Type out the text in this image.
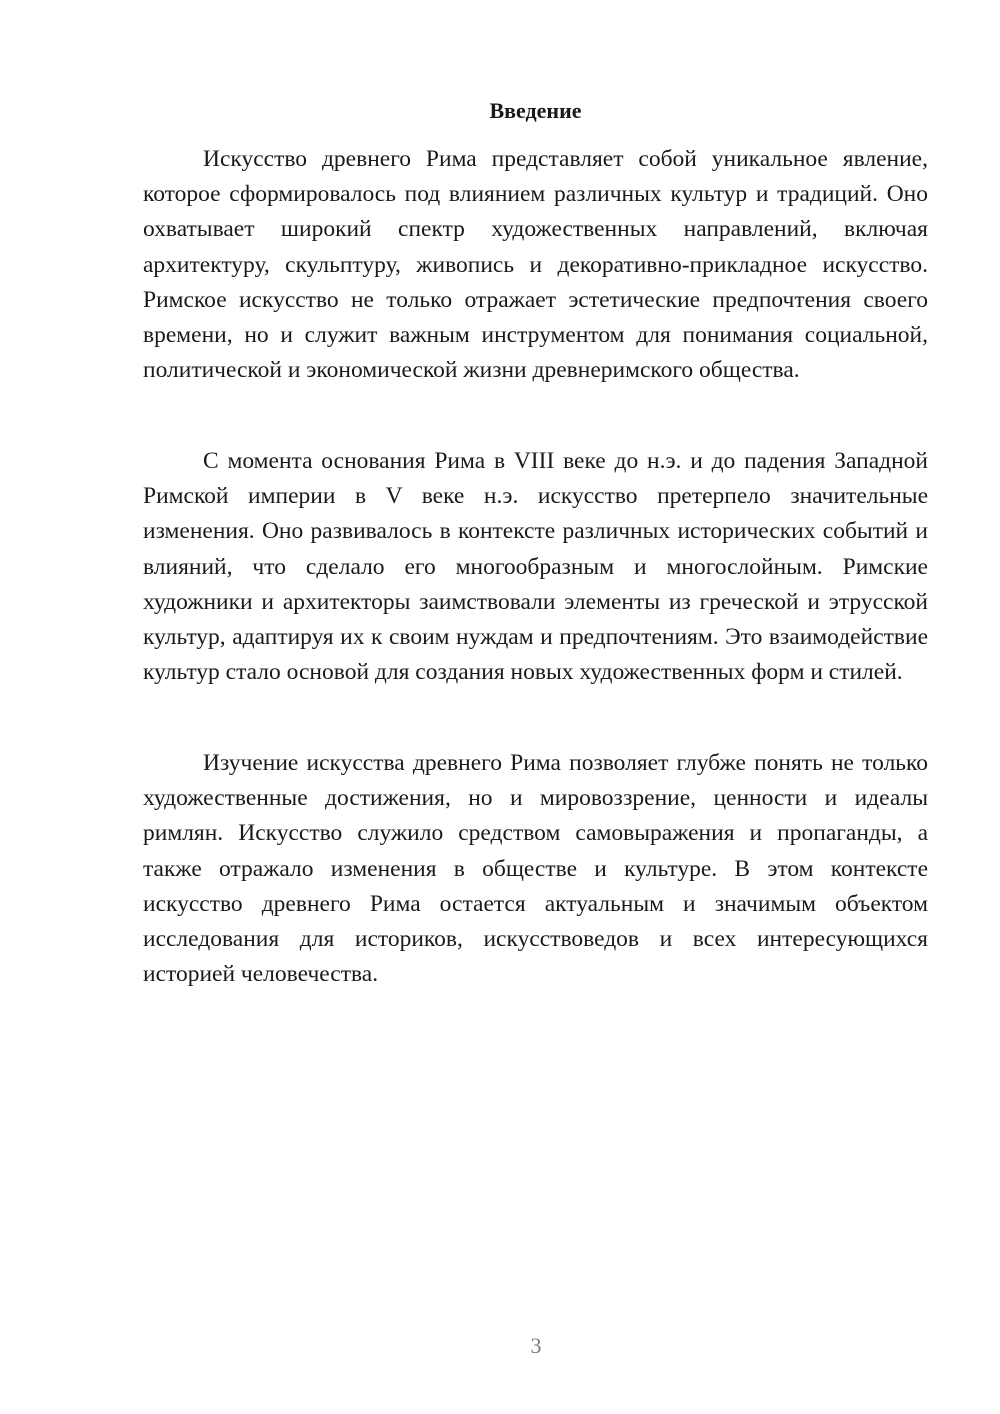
Введение

Искусство древнего Рима представляет собой уникальное явление, которое сформировалось под влиянием различных культур и традиций. Оно охватывает широкий спектр художественных направлений, включая архитектуру, скульптуру, живопись и декоративно-прикладное искусство. Римское искусство не только отражает эстетические предпочтения своего времени, но и служит важным инструментом для понимания социальной, политической и экономической жизни древнеримского общества.

С момента основания Рима в VIII веке до н.э. и до падения Западной Римской империи в V веке н.э. искусство претерпело значительные изменения. Оно развивалось в контексте различных исторических событий и влияний, что сделало его многообразным и многослойным. Римские художники и архитекторы заимствовали элементы из греческой и этрусской культур, адаптируя их к своим нуждам и предпочтениям. Это взаимодействие культур стало основой для создания новых художественных форм и стилей.

Изучение искусства древнего Рима позволяет глубже понять не только художественные достижения, но и мировоззрение, ценности и идеалы римлян. Искусство служило средством самовыражения и пропаганды, а также отражало изменения в обществе и культуре. В этом контексте искусство древнего Рима остается актуальным и значимым объектом исследования для историков, искусствоведов и всех интересующихся историей человечества.

3
